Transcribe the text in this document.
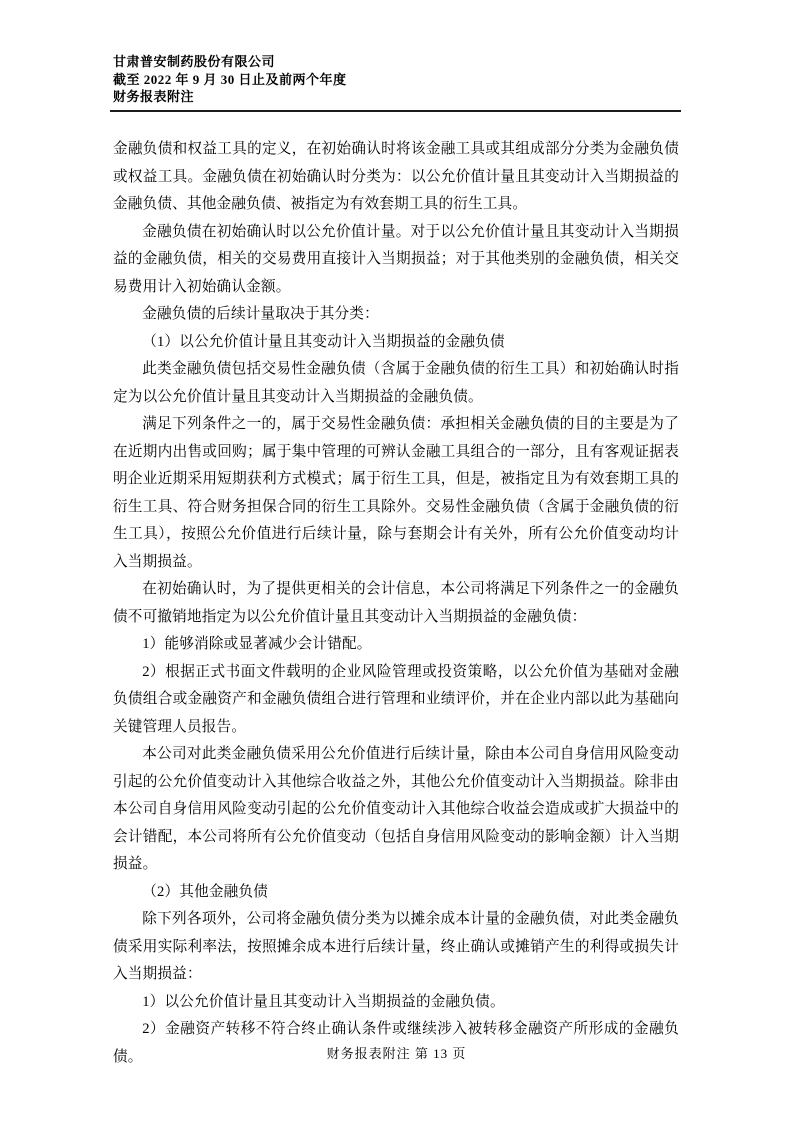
甘肃普安制药股份有限公司
截至 2022 年 9 月 30 日止及前两个年度
财务报表附注

金融负债和权益工具的定义，在初始确认时将该金融工具或其组成部分分类为金融负债或权益工具。金融负债在初始确认时分类为：以公允价值计量且其变动计入当期损益的金融负债、其他金融负债、被指定为有效套期工具的衍生工具。

金融负债在初始确认时以公允价值计量。对于以公允价值计量且其变动计入当期损益的金融负债，相关的交易费用直接计入当期损益；对于其他类别的金融负债，相关交易费用计入初始确认金额。

金融负债的后续计量取决于其分类：

（1）以公允价值计量且其变动计入当期损益的金融负债

此类金融负债包括交易性金融负债（含属于金融负债的衍生工具）和初始确认时指定为以公允价值计量且其变动计入当期损益的金融负债。

满足下列条件之一的，属于交易性金融负债：承担相关金融负债的目的主要是为了在近期内出售或回购；属于集中管理的可辨认金融工具组合的一部分，且有客观证据表明企业近期采用短期获利方式模式；属于衍生工具，但是，被指定且为有效套期工具的衍生工具、符合财务担保合同的衍生工具除外。交易性金融负债（含属于金融负债的衍生工具），按照公允价值进行后续计量，除与套期会计有关外，所有公允价值变动均计入当期损益。

在初始确认时，为了提供更相关的会计信息，本公司将满足下列条件之一的金融负债不可撤销地指定为以公允价值计量且其变动计入当期损益的金融负债：

1）能够消除或显著减少会计错配。

2）根据正式书面文件载明的企业风险管理或投资策略，以公允价值为基础对金融负债组合或金融资产和金融负债组合进行管理和业绩评价，并在企业内部以此为基础向关键管理人员报告。

本公司对此类金融负债采用公允价值进行后续计量，除由本公司自身信用风险变动引起的公允价值变动计入其他综合收益之外，其他公允价值变动计入当期损益。除非由本公司自身信用风险变动引起的公允价值变动计入其他综合收益会造成或扩大损益中的会计错配，本公司将所有公允价值变动（包括自身信用风险变动的影响金额）计入当期损益。

（2）其他金融负债

除下列各项外，公司将金融负债分类为以摊余成本计量的金融负债，对此类金融负债采用实际利率法，按照摊余成本进行后续计量，终止确认或摊销产生的利得或损失计入当期损益：

1）以公允价值计量且其变动计入当期损益的金融负债。

2）金融资产转移不符合终止确认条件或继续涉入被转移金融资产所形成的金融负债。	财务报表附注 第 13 页
